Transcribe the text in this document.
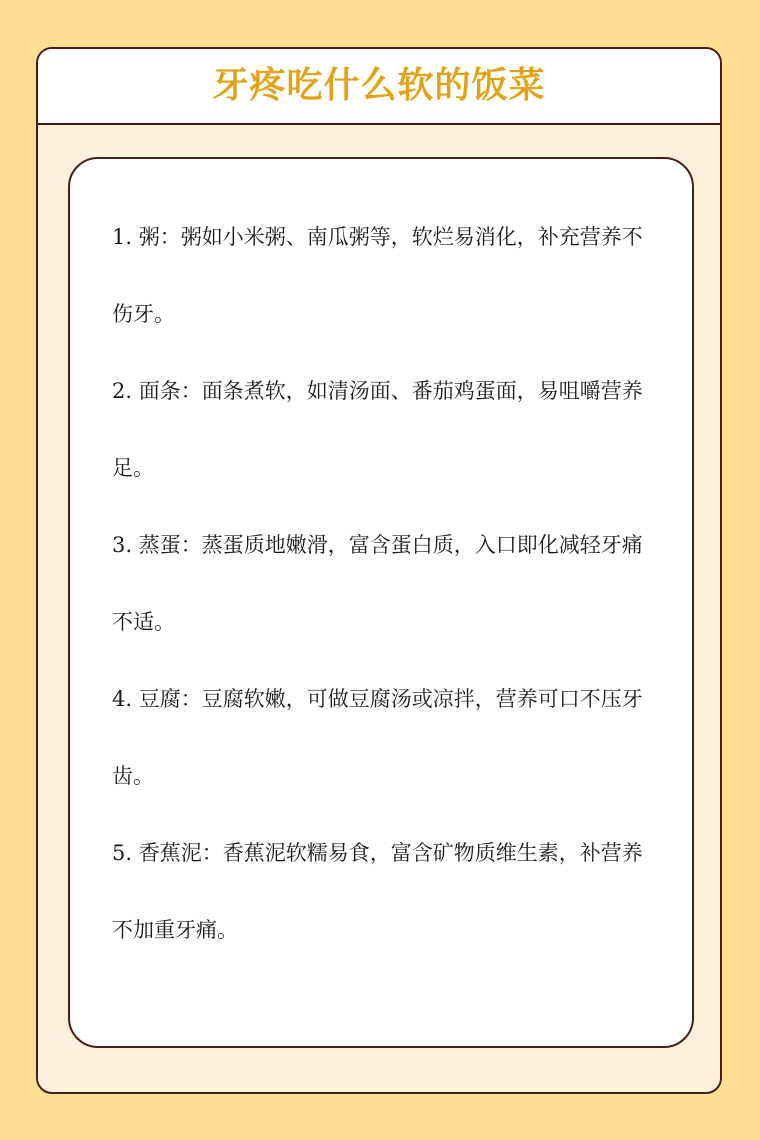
牙疼吃什么软的饭菜

1. 粥：粥如小米粥、南瓜粥等，软烂易消化，补充营养不伤牙。

2. 面条：面条煮软，如清汤面、番茄鸡蛋面，易咀嚼营养足。

3. 蒸蛋：蒸蛋质地嫩滑，富含蛋白质，入口即化减轻牙痛不适。

4. 豆腐：豆腐软嫩，可做豆腐汤或凉拌，营养可口不压牙齿。

5. 香蕉泥：香蕉泥软糯易食，富含矿物质维生素，补营养不加重牙痛。
